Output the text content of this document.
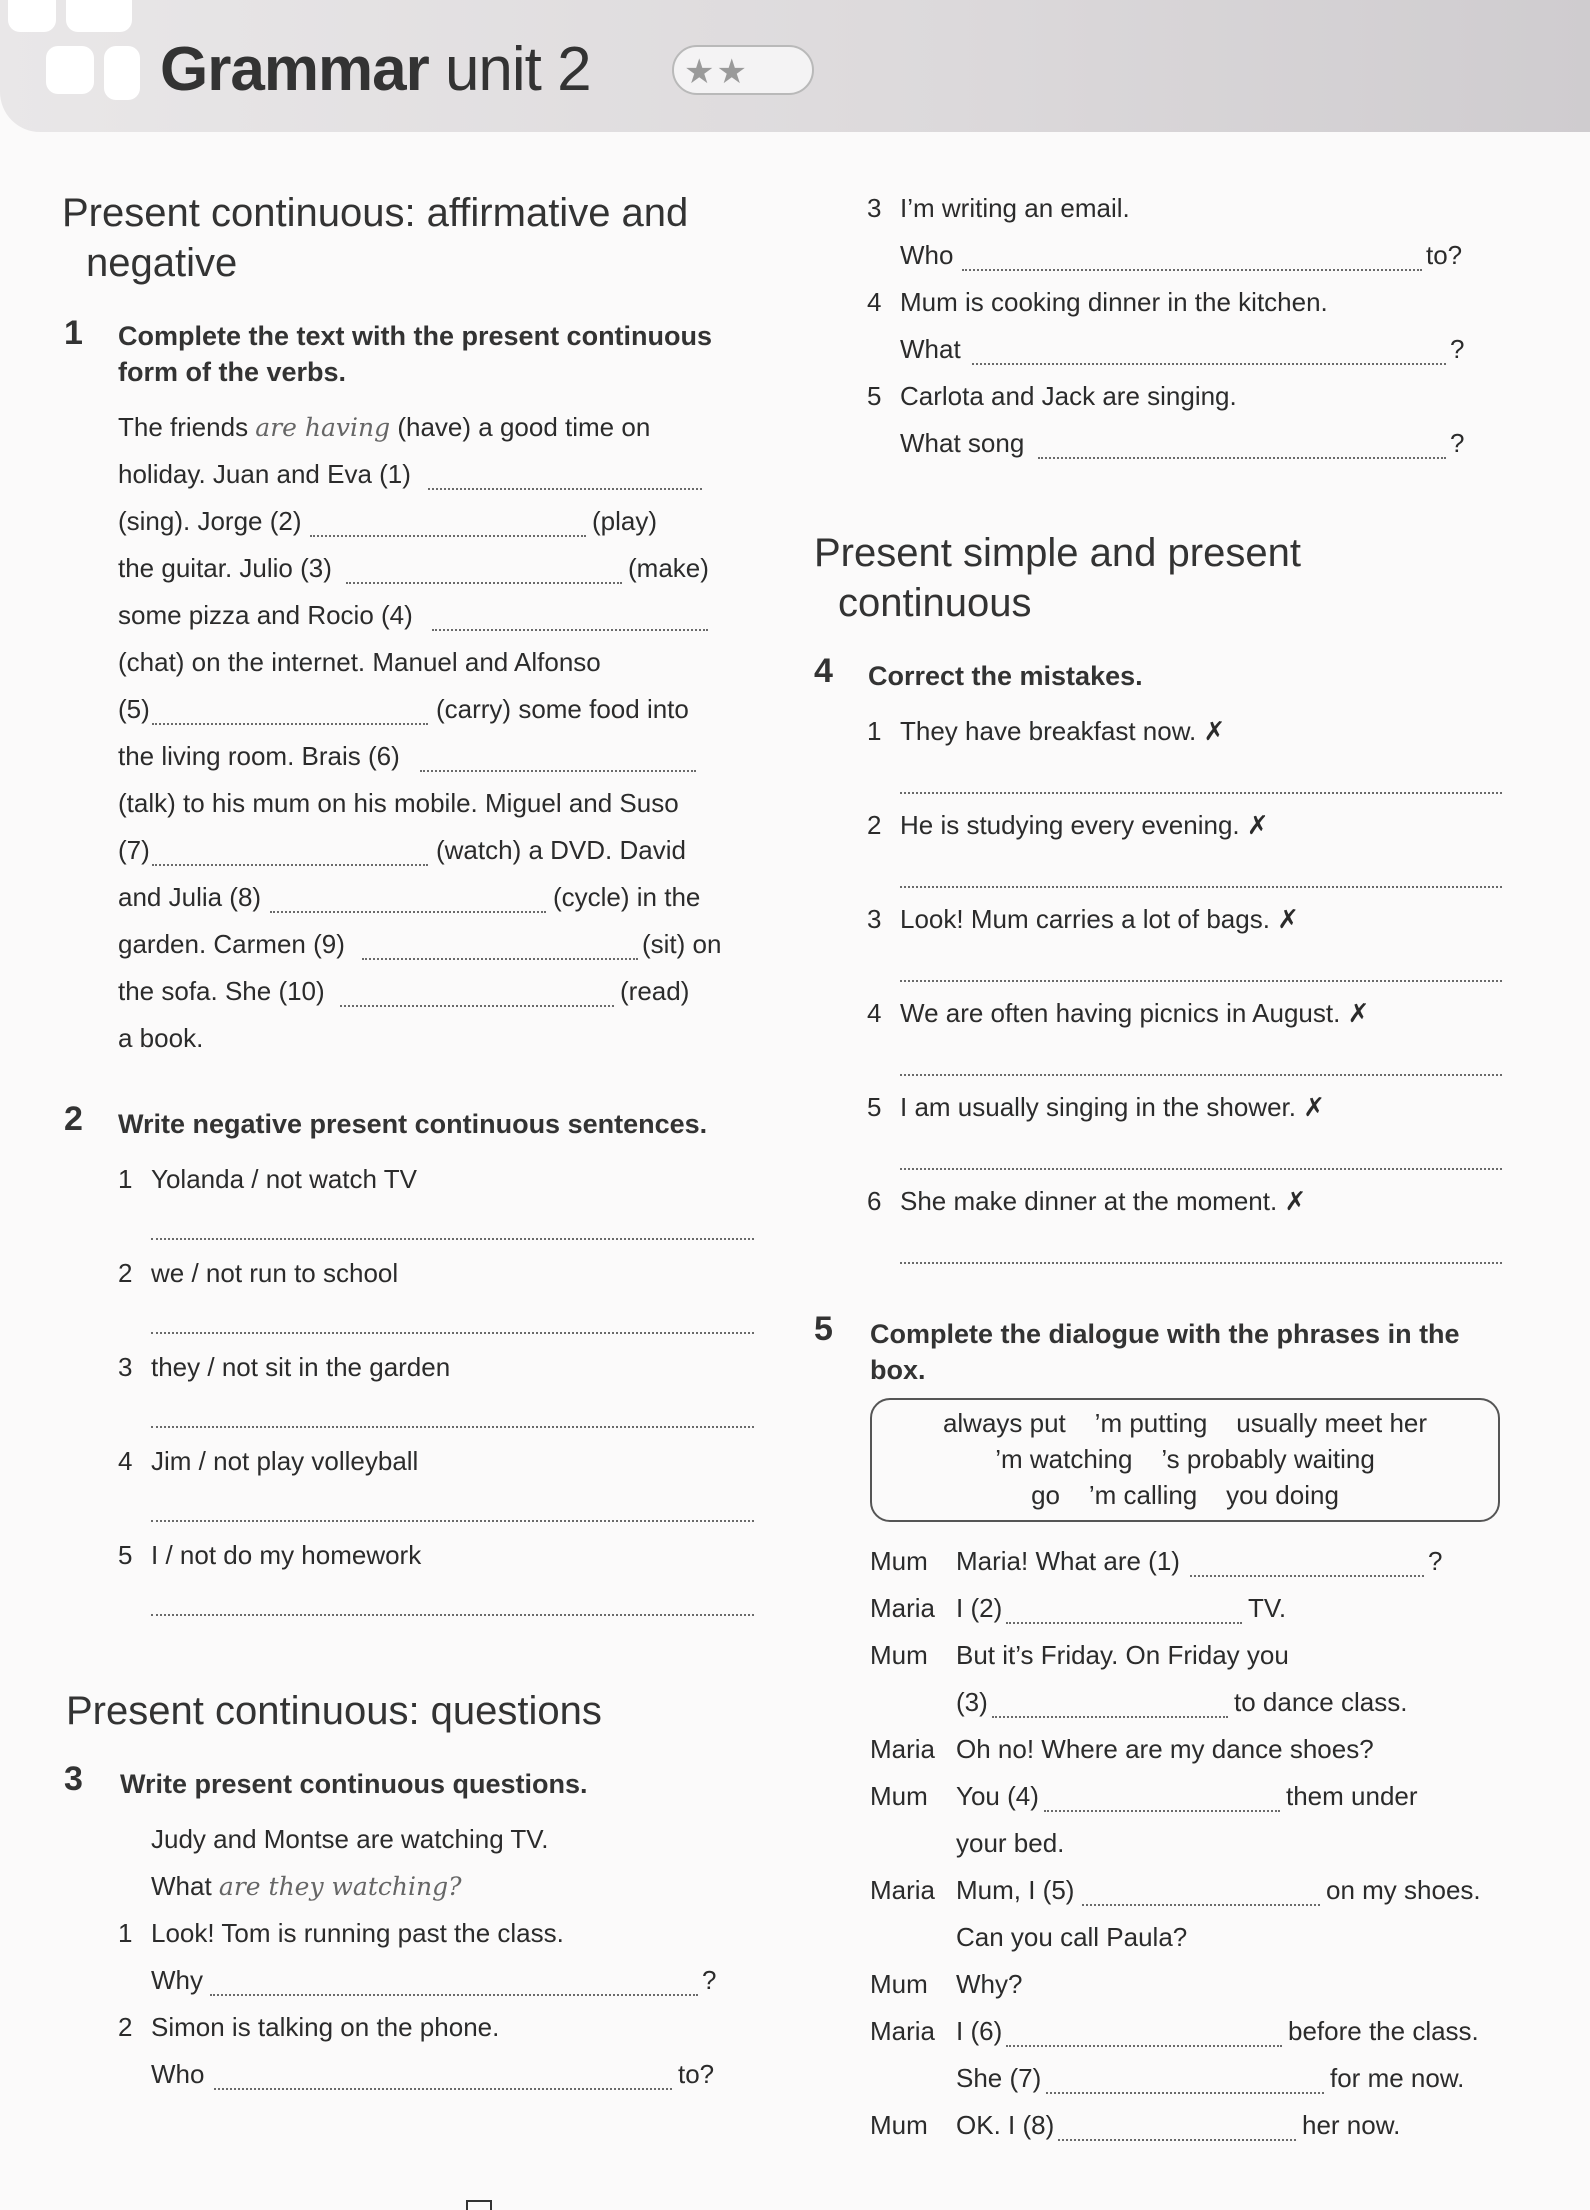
Grammar unit 2	★★
Present continuous: affirmative and
negative
1 Complete the text with the present continuous
form of the verbs.
The friends are having (have) a good time on
holiday. Juan and Eva (1)
(sing). Jorge (2)	(play)
the guitar. Julio (3)	(make)
some pizza and Rocio (4)
(chat) on the internet. Manuel and Alfonso
(5)	(carry) some food into
the living room. Brais (6)
(talk) to his mum on his mobile. Miguel and Suso
(7)	(watch) a DVD. David
and Julia (8)	(cycle) in the
garden. Carmen (9)	(sit) on
the sofa. She (10)	(read)
a book.
2 Write negative present continuous sentences.
1 Yolanda / not watch TV
2 we / not run to school
3 they / not sit in the garden
4 Jim / not play volleyball
5 I / not do my homework
Present continuous: questions
3 Write present continuous questions.
Judy and Montse are watching TV.
What are they watching?
1 Look! Tom is running past the class.
Why	?
2 Simon is talking on the phone.
Who	to?
3 I’m writing an email.
Who	to?
4 Mum is cooking dinner in the kitchen.
What	?
5 Carlota and Jack are singing.
What song	?
Present simple and present
continuous
4 Correct the mistakes.
1 They have breakfast now. ✗
2 He is studying every evening. ✗
3 Look! Mum carries a lot of bags. ✗
4 We are often having picnics in August. ✗
5 I am usually singing in the shower. ✗
6 She make dinner at the moment. ✗
5 Complete the dialogue with the phrases in the
box.
always put    ’m putting    usually meet her
’m watching    ’s probably waiting
go    ’m calling    you doing
Mum Maria! What are (1)	?
Maria I (2)	TV.
Mum But it’s Friday. On Friday you
(3)	to dance class.
Maria Oh no! Where are my dance shoes?
Mum You (4)	them under
your bed.
Maria Mum, I (5)	on my shoes.
Can you call Paula?
Mum Why?
Maria I (6)	before the class.
She (7)	for me now.
Mum OK. I (8)	her now.
